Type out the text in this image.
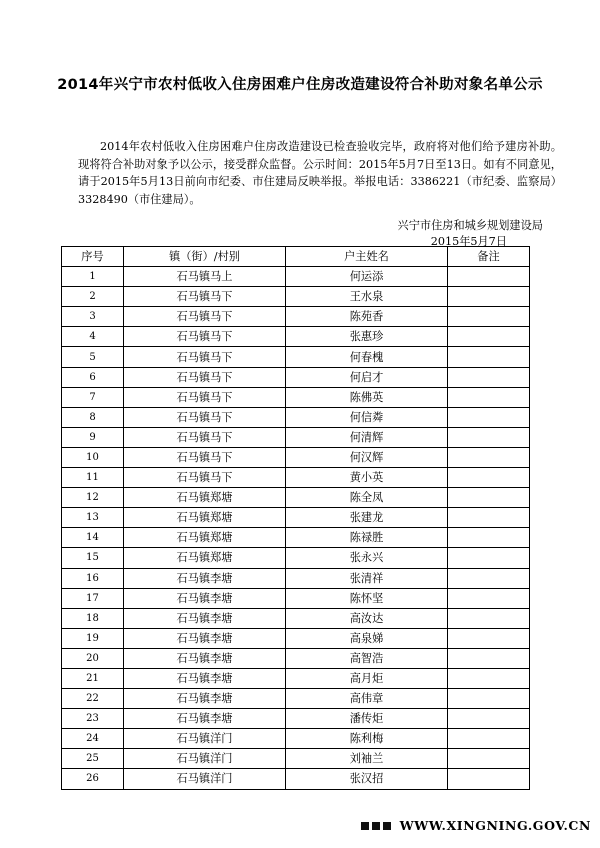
2014年兴宁市农村低收入住房困难户住房改造建设符合补助对象名单公示

2014年农村低收入住房困难户住房改造建设已检查验收完毕，政府将对他们给予建房补助。现将符合补助对象予以公示，接受群众监督。公示时间：2015年5月7日至13日。如有不同意见，请于2015年5月13日前向市纪委、市住建局反映举报。举报电话：3386221（市纪委、监察局）3328490（市住建局）。

兴宁市住房和城乡规划建设局
2015年5月7日
序号	镇（街）/村别	户主姓名	备注
1	石马镇马上	何运添	
2	石马镇马下	王水泉	
3	石马镇马下	陈苑香	
4	石马镇马下	张惠珍	
5	石马镇马下	何春槐	
6	石马镇马下	何启才	
7	石马镇马下	陈佛英	
8	石马镇马下	何信粦	
9	石马镇马下	何清辉	
10	石马镇马下	何汉辉	
11	石马镇马下	黄小英	
12	石马镇郑塘	陈全凤	
13	石马镇郑塘	张建龙	
14	石马镇郑塘	陈禄胜	
15	石马镇郑塘	张永兴	
16	石马镇李塘	张清祥	
17	石马镇李塘	陈怀坚	
18	石马镇李塘	高汝达	
19	石马镇李塘	高泉娣	
20	石马镇李塘	高智浩	
21	石马镇李塘	高月炬	
22	石马镇李塘	高伟章	
23	石马镇李塘	潘传炬	
24	石马镇洋门	陈利梅	
25	石马镇洋门	刘袖兰	
26	石马镇洋门	张汉招	
WWW.XINGNING.GOV.CN
